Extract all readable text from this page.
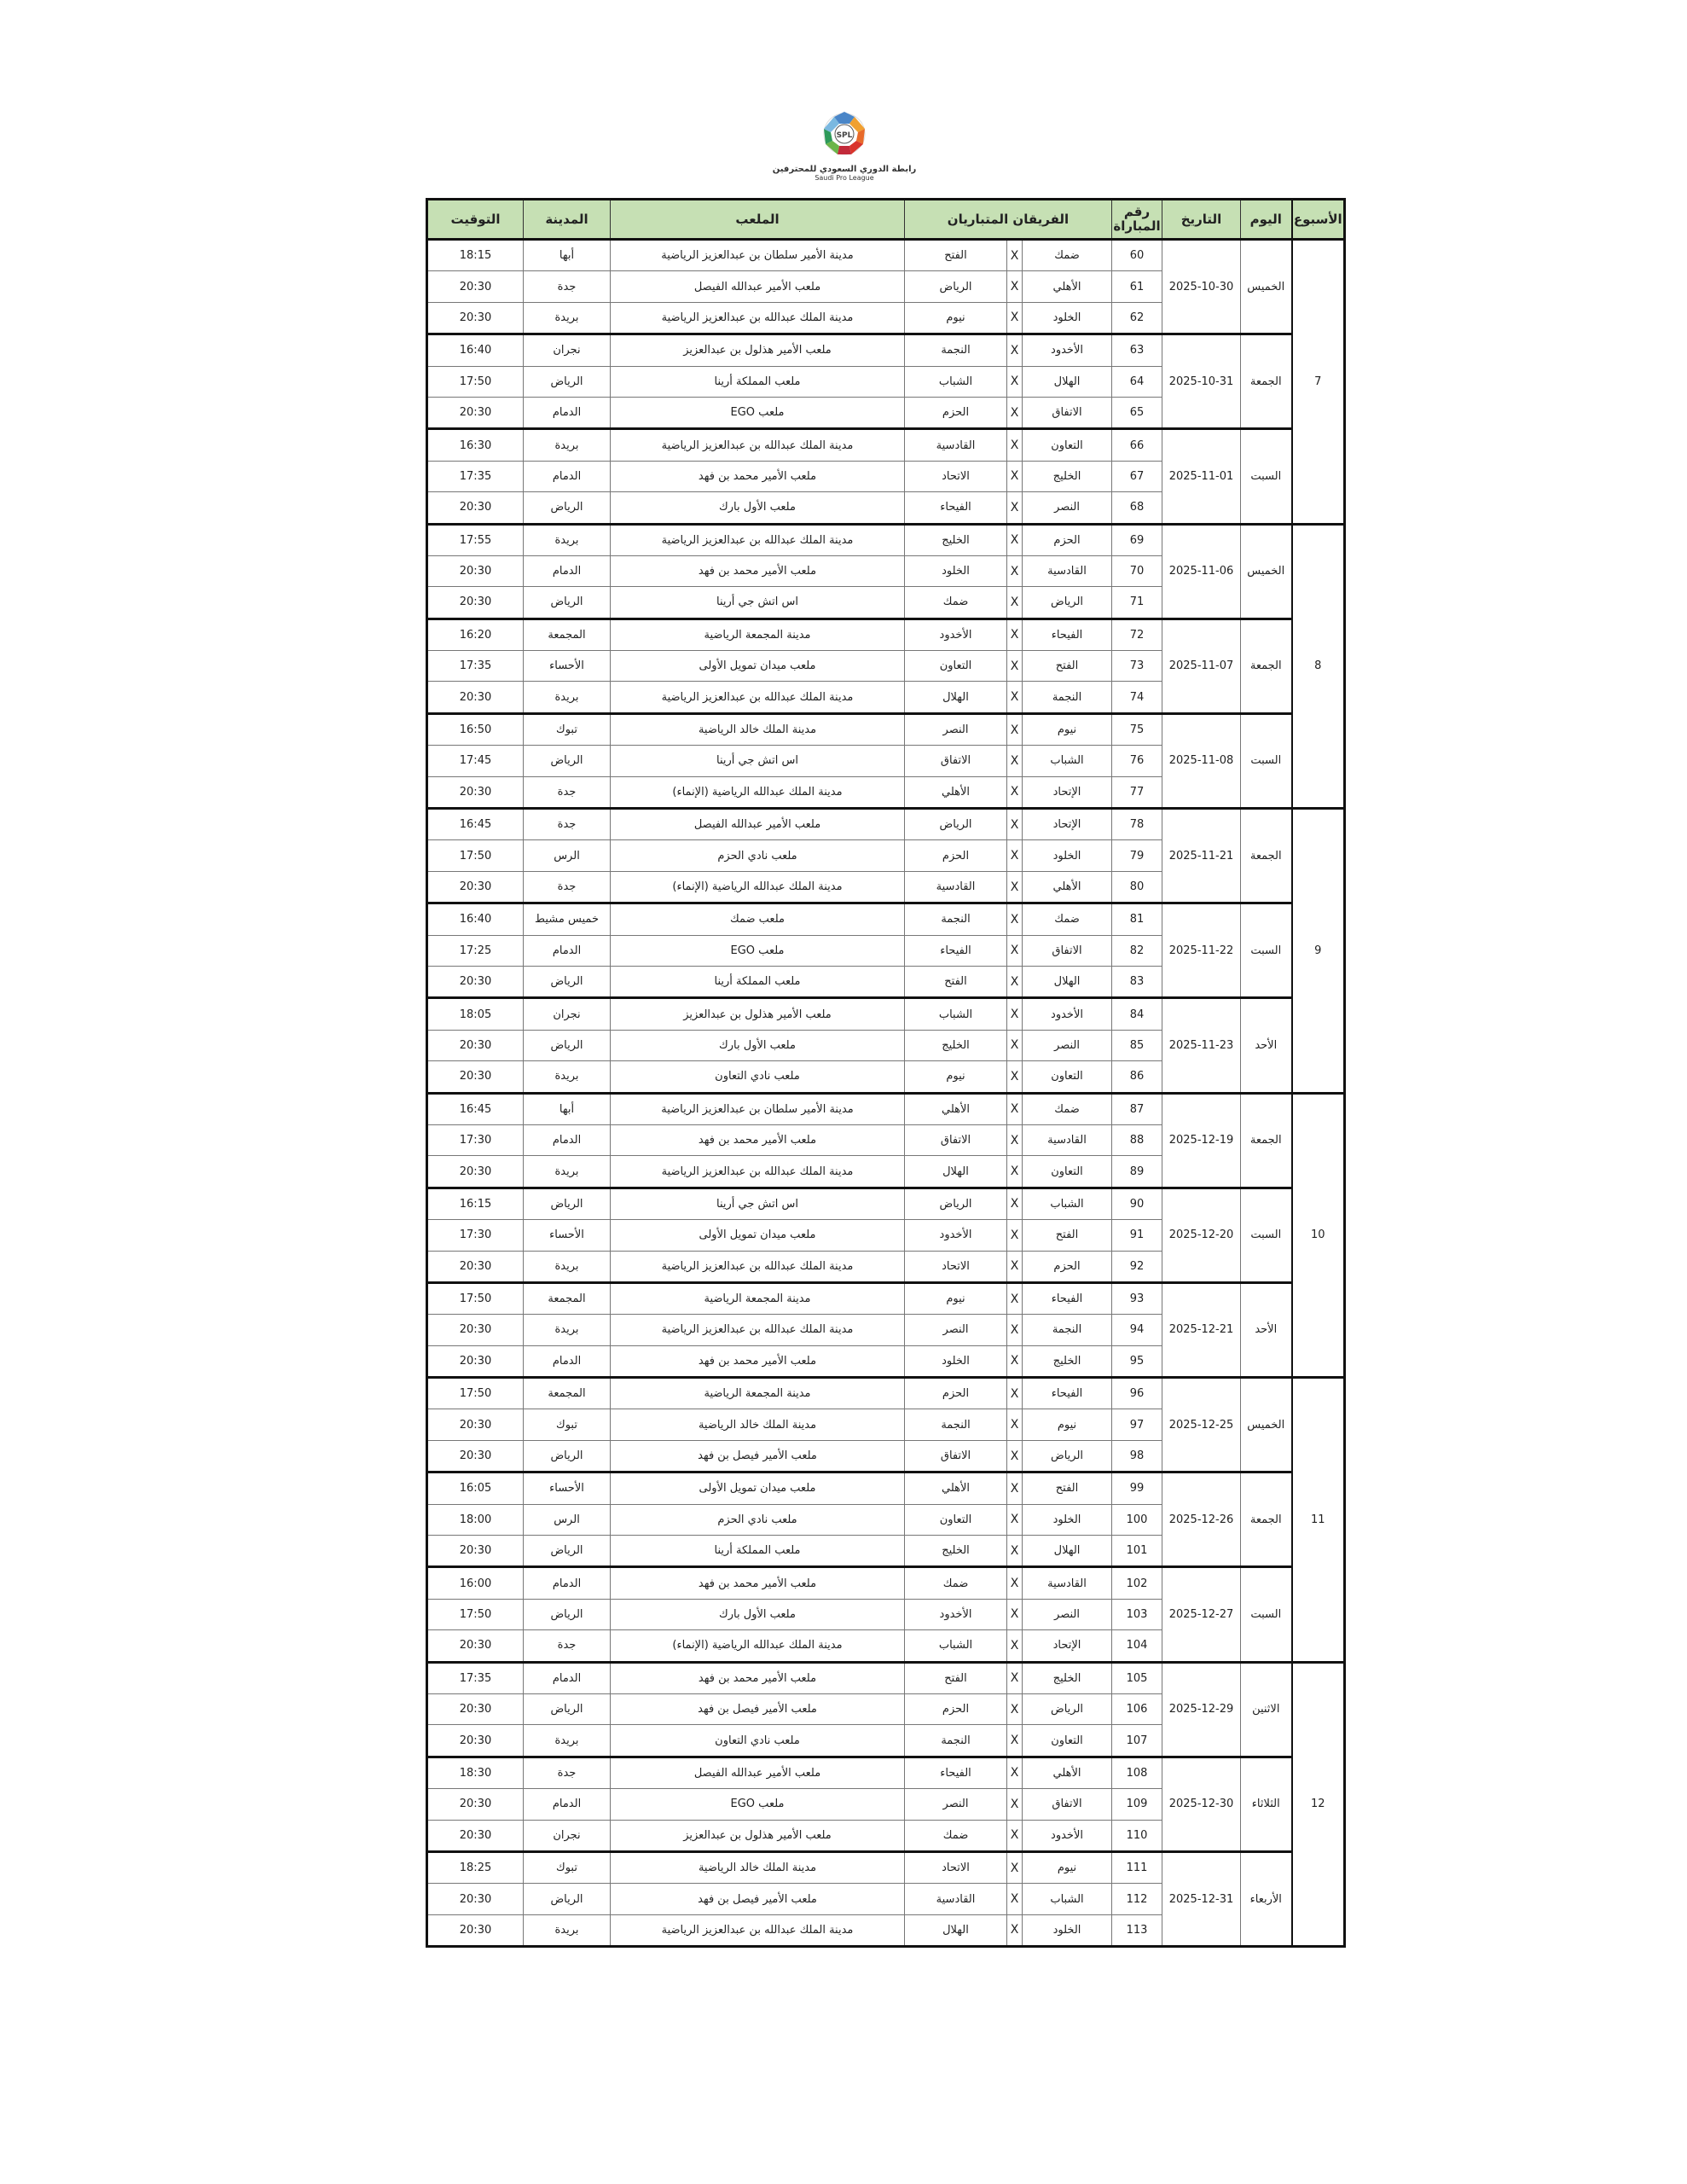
SPL
رابطة الدوري السعودي للمحترفين
Saudi Pro League
الأسبوع	اليوم	التاريخ	رقم المباراة	الفريقان المتباريان			الملعب	المدينة	التوقيت
7	الخميس	2025-10-30	60	ضمك	X	الفتح	مدينة الأمير سلطان بن عبدالعزيز الرياضية	أبها	18:15
			61	الأهلي	X	الرياض	ملعب الأمير عبدالله الفيصل	جدة	20:30
			62	الخلود	X	نيوم	مدينة الملك عبدالله بن عبدالعزيز الرياضية	بريدة	20:30
	الجمعة	2025-10-31	63	الأخدود	X	النجمة	ملعب الأمير هذلول بن عبدالعزيز	نجران	16:40
			64	الهلال	X	الشباب	ملعب المملكة أرينا	الرياض	17:50
			65	الاتفاق	X	الحزم	ملعب EGO	الدمام	20:30
	السبت	2025-11-01	66	التعاون	X	القادسية	مدينة الملك عبدالله بن عبدالعزيز الرياضية	بريدة	16:30
			67	الخليج	X	الاتحاد	ملعب الأمير محمد بن فهد	الدمام	17:35
			68	النصر	X	الفيحاء	ملعب الأول بارك	الرياض	20:30
8	الخميس	2025-11-06	69	الحزم	X	الخليج	مدينة الملك عبدالله بن عبدالعزيز الرياضية	بريدة	17:55
			70	القادسية	X	الخلود	ملعب الأمير محمد بن فهد	الدمام	20:30
			71	الرياض	X	ضمك	اس اتش جي أرينا	الرياض	20:30
	الجمعة	2025-11-07	72	الفيحاء	X	الأخدود	مدينة المجمعة الرياضية	المجمعة	16:20
			73	الفتح	X	التعاون	ملعب ميدان تمويل الأولى	الأحساء	17:35
			74	النجمة	X	الهلال	مدينة الملك عبدالله بن عبدالعزيز الرياضية	بريدة	20:30
	السبت	2025-11-08	75	نيوم	X	النصر	مدينة الملك خالد الرياضية	تبوك	16:50
			76	الشباب	X	الاتفاق	اس اتش جي أرينا	الرياض	17:45
			77	الإتحاد	X	الأهلي	مدينة الملك عبدالله الرياضية (الإنماء)	جدة	20:30
9	الجمعة	2025-11-21	78	الإتحاد	X	الرياض	ملعب الأمير عبدالله الفيصل	جدة	16:45
			79	الخلود	X	الحزم	ملعب نادي الحزم	الرس	17:50
			80	الأهلي	X	القادسية	مدينة الملك عبدالله الرياضية (الإنماء)	جدة	20:30
	السبت	2025-11-22	81	ضمك	X	النجمة	ملعب ضمك	خميس مشيط	16:40
			82	الاتفاق	X	الفيحاء	ملعب EGO	الدمام	17:25
			83	الهلال	X	الفتح	ملعب المملكة أرينا	الرياض	20:30
	الأحد	2025-11-23	84	الأخدود	X	الشباب	ملعب الأمير هذلول بن عبدالعزيز	نجران	18:05
			85	النصر	X	الخليج	ملعب الأول بارك	الرياض	20:30
			86	التعاون	X	نيوم	ملعب نادي التعاون	بريدة	20:30
10	الجمعة	2025-12-19	87	ضمك	X	الأهلي	مدينة الأمير سلطان بن عبدالعزيز الرياضية	أبها	16:45
			88	القادسية	X	الاتفاق	ملعب الأمير محمد بن فهد	الدمام	17:30
			89	التعاون	X	الهلال	مدينة الملك عبدالله بن عبدالعزيز الرياضية	بريدة	20:30
	السبت	2025-12-20	90	الشباب	X	الرياض	اس اتش جي أرينا	الرياض	16:15
			91	الفتح	X	الأخدود	ملعب ميدان تمويل الأولى	الأحساء	17:30
			92	الحزم	X	الاتحاد	مدينة الملك عبدالله بن عبدالعزيز الرياضية	بريدة	20:30
	الأحد	2025-12-21	93	الفيحاء	X	نيوم	مدينة المجمعة الرياضية	المجمعة	17:50
			94	النجمة	X	النصر	مدينة الملك عبدالله بن عبدالعزيز الرياضية	بريدة	20:30
			95	الخليج	X	الخلود	ملعب الأمير محمد بن فهد	الدمام	20:30
11	الخميس	2025-12-25	96	الفيحاء	X	الحزم	مدينة المجمعة الرياضية	المجمعة	17:50
			97	نيوم	X	النجمة	مدينة الملك خالد الرياضية	تبوك	20:30
			98	الرياض	X	الاتفاق	ملعب الأمير فيصل بن فهد	الرياض	20:30
	الجمعة	2025-12-26	99	الفتح	X	الأهلي	ملعب ميدان تمويل الأولى	الأحساء	16:05
			100	الخلود	X	التعاون	ملعب نادي الحزم	الرس	18:00
			101	الهلال	X	الخليج	ملعب المملكة أرينا	الرياض	20:30
	السبت	2025-12-27	102	القادسية	X	ضمك	ملعب الأمير محمد بن فهد	الدمام	16:00
			103	النصر	X	الأخدود	ملعب الأول بارك	الرياض	17:50
			104	الإتحاد	X	الشباب	مدينة الملك عبدالله الرياضية (الإنماء)	جدة	20:30
12	الاثنين	2025-12-29	105	الخليج	X	الفتح	ملعب الأمير محمد بن فهد	الدمام	17:35
			106	الرياض	X	الحزم	ملعب الأمير فيصل بن فهد	الرياض	20:30
			107	التعاون	X	النجمة	ملعب نادي التعاون	بريدة	20:30
	الثلاثاء	2025-12-30	108	الأهلي	X	الفيحاء	ملعب الأمير عبدالله الفيصل	جدة	18:30
			109	الاتفاق	X	النصر	ملعب EGO	الدمام	20:30
			110	الأخدود	X	ضمك	ملعب الأمير هذلول بن عبدالعزيز	نجران	20:30
	الأربعاء	2025-12-31	111	نيوم	X	الاتحاد	مدينة الملك خالد الرياضية	تبوك	18:25
			112	الشباب	X	القادسية	ملعب الأمير فيصل بن فهد	الرياض	20:30
			113	الخلود	X	الهلال	مدينة الملك عبدالله بن عبدالعزيز الرياضية	بريدة	20:30
